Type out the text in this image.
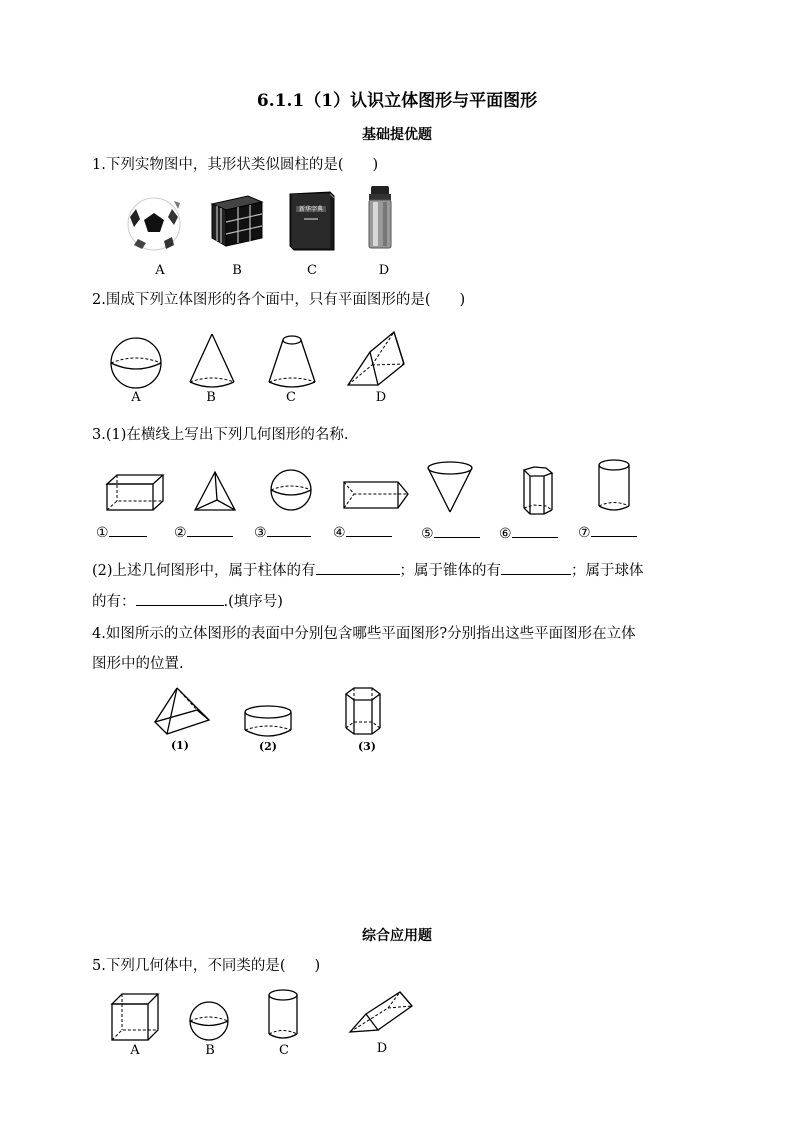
6.1.1（1）认识立体图形与平面图形
基础提优题
1.下列实物图中，其形状类似圆柱的是(　　)
新华字典
A	B	C	D
2.围成下列立体图形的各个面中，只有平面图形的是(　　)
A	B	C	D
3.(1)在横线上写出下列几何图形的名称.
①	②	③	④	⑤	⑥	⑦
(2)上述几何图形中，属于柱体的有	；属于锥体的有	；属于球体
的有：	.(填序号)
4.如图所示的立体图形的表面中分别包含哪些平面图形?分别指出这些平面图形在立体
图形中的位置.
(1)	(2)	(3)
综合应用题
5.下列几何体中，不同类的是(　　)
A	B	C	D
